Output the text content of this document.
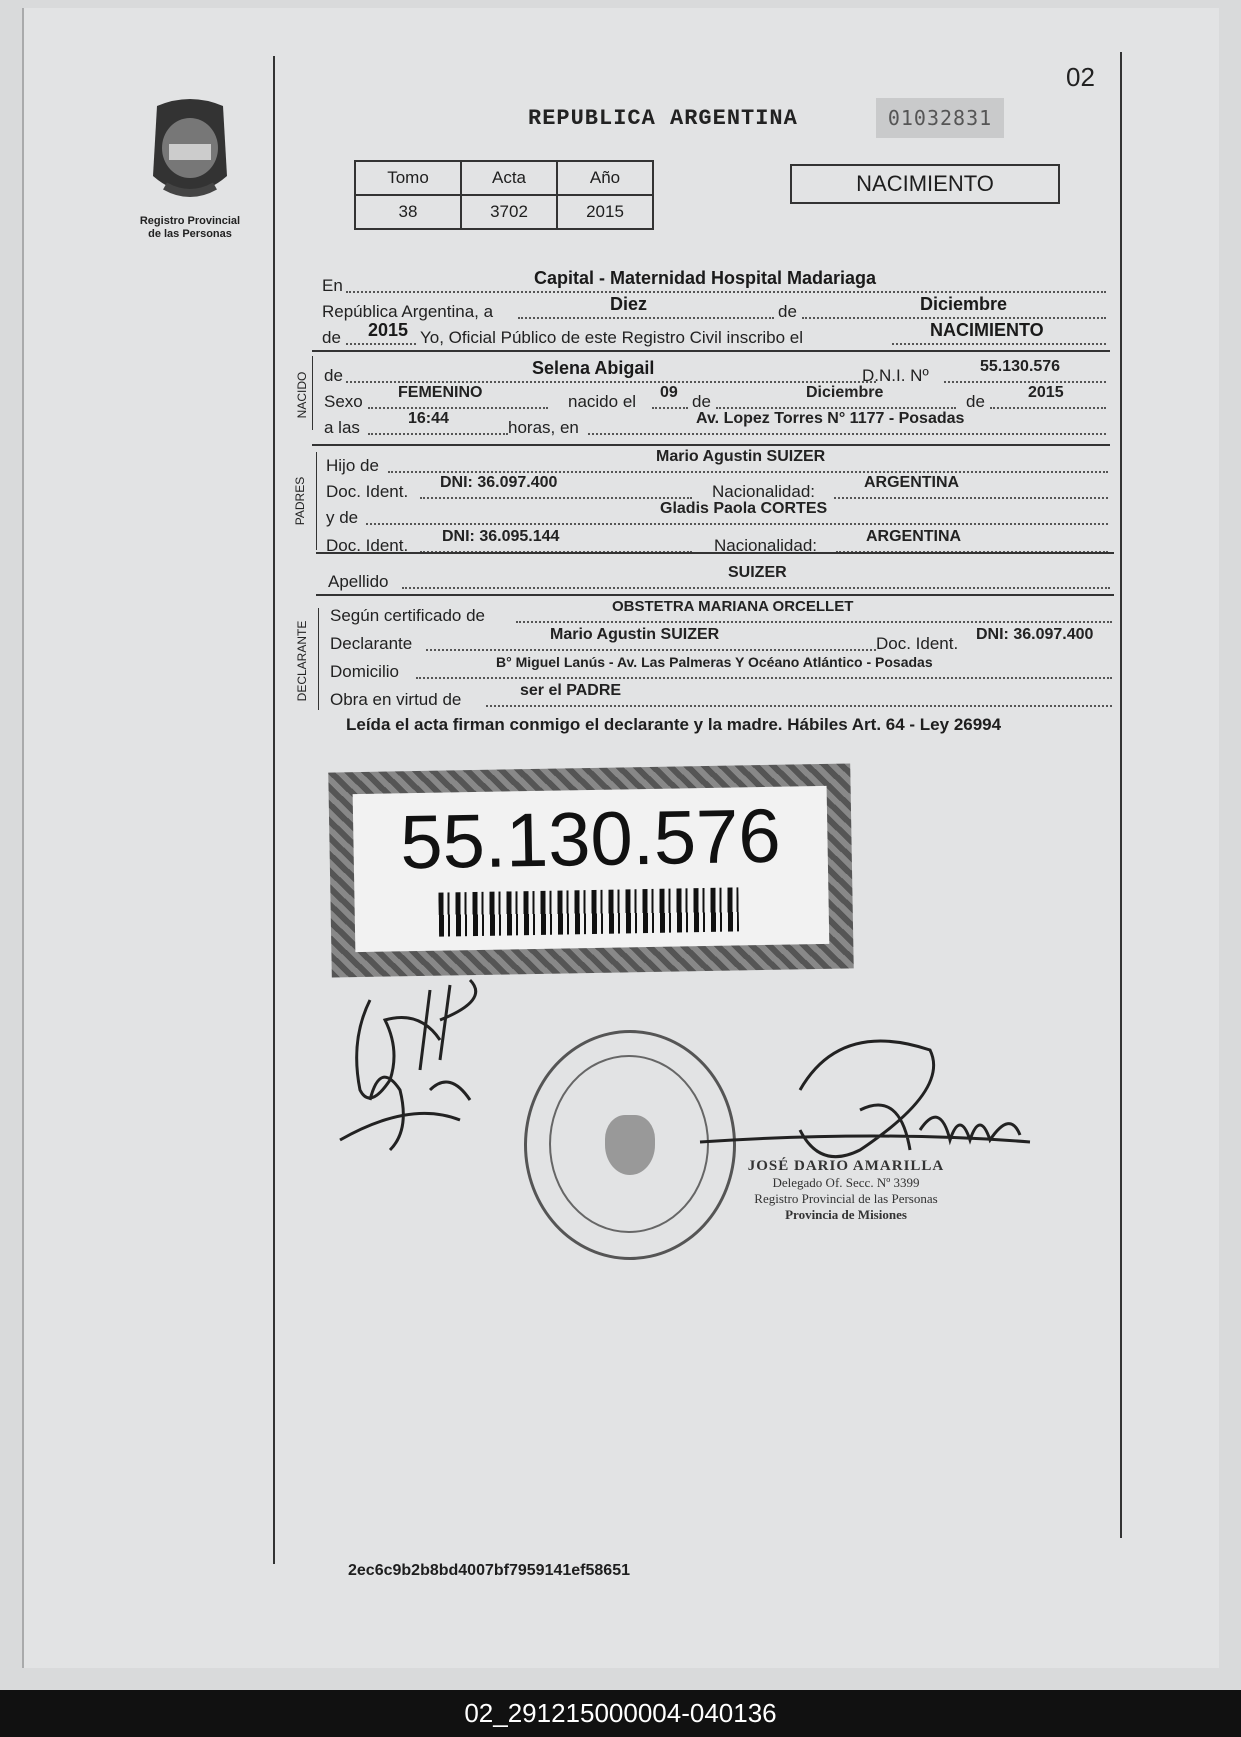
Registro Provincial
de las Personas
02
REPUBLICA ARGENTINA	01032831
Tomo	Acta	Año
38	3702	2015
NACIMIENTO
En	Capital - Maternidad Hospital Madariaga
República Argentina, a	Diez	de	Diciembre
de 2015 Yo, Oficial Público de este Registro Civil inscribo el	NACIMIENTO
NACIDO de	Selena Abigail	D.N.I. Nº	55.130.576
Sexo FEMENINO	nacido el 09 de	Diciembre	de	2015
a las	16:44	horas, en	Av. Lopez Torres N° 1177 - Posadas
PADRES
Hijo de	Mario Agustin SUIZER
Doc. Ident. DNI: 36.097.400	Nacionalidad:	ARGENTINA
y de	Gladis Paola CORTES
Doc. Ident. DNI: 36.095.144	Nacionalidad:	ARGENTINA
Apellido	SUIZER
DECLARANTE
Según certificado de	OBSTETRA MARIANA ORCELLET
Declarante	Mario Agustin SUIZER	Doc. Ident. DNI: 36.097.400
Domicilio	B° Miguel Lanús - Av. Las Palmeras Y Océano Atlántico - Posadas
Obra en virtud de	ser el PADRE
Leída el acta firman conmigo el declarante y la madre. Hábiles Art. 64 - Ley 26994
55.130.576
JOSÉ DARIO AMARILLA
Delegado Of. Secc. Nº 3399
Registro Provincial de las Personas
Provincia de Misiones
2ec6c9b2b8bd4007bf7959141ef58651
02_291215000004-040136
